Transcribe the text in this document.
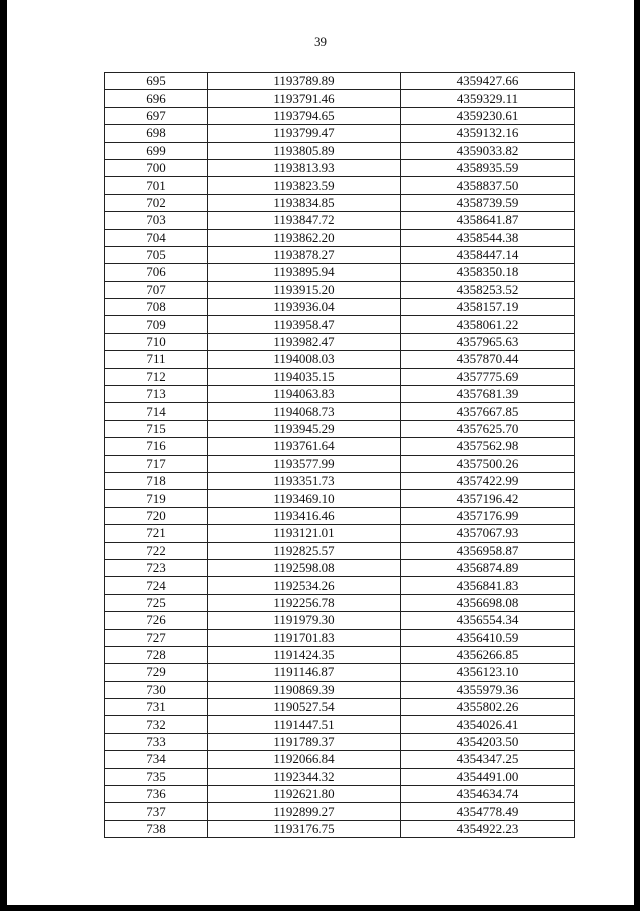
39
695	1193789.89	4359427.66
696	1193791.46	4359329.11
697	1193794.65	4359230.61
698	1193799.47	4359132.16
699	1193805.89	4359033.82
700	1193813.93	4358935.59
701	1193823.59	4358837.50
702	1193834.85	4358739.59
703	1193847.72	4358641.87
704	1193862.20	4358544.38
705	1193878.27	4358447.14
706	1193895.94	4358350.18
707	1193915.20	4358253.52
708	1193936.04	4358157.19
709	1193958.47	4358061.22
710	1193982.47	4357965.63
711	1194008.03	4357870.44
712	1194035.15	4357775.69
713	1194063.83	4357681.39
714	1194068.73	4357667.85
715	1193945.29	4357625.70
716	1193761.64	4357562.98
717	1193577.99	4357500.26
718	1193351.73	4357422.99
719	1193469.10	4357196.42
720	1193416.46	4357176.99
721	1193121.01	4357067.93
722	1192825.57	4356958.87
723	1192598.08	4356874.89
724	1192534.26	4356841.83
725	1192256.78	4356698.08
726	1191979.30	4356554.34
727	1191701.83	4356410.59
728	1191424.35	4356266.85
729	1191146.87	4356123.10
730	1190869.39	4355979.36
731	1190527.54	4355802.26
732	1191447.51	4354026.41
733	1191789.37	4354203.50
734	1192066.84	4354347.25
735	1192344.32	4354491.00
736	1192621.80	4354634.74
737	1192899.27	4354778.49
738	1193176.75	4354922.23
